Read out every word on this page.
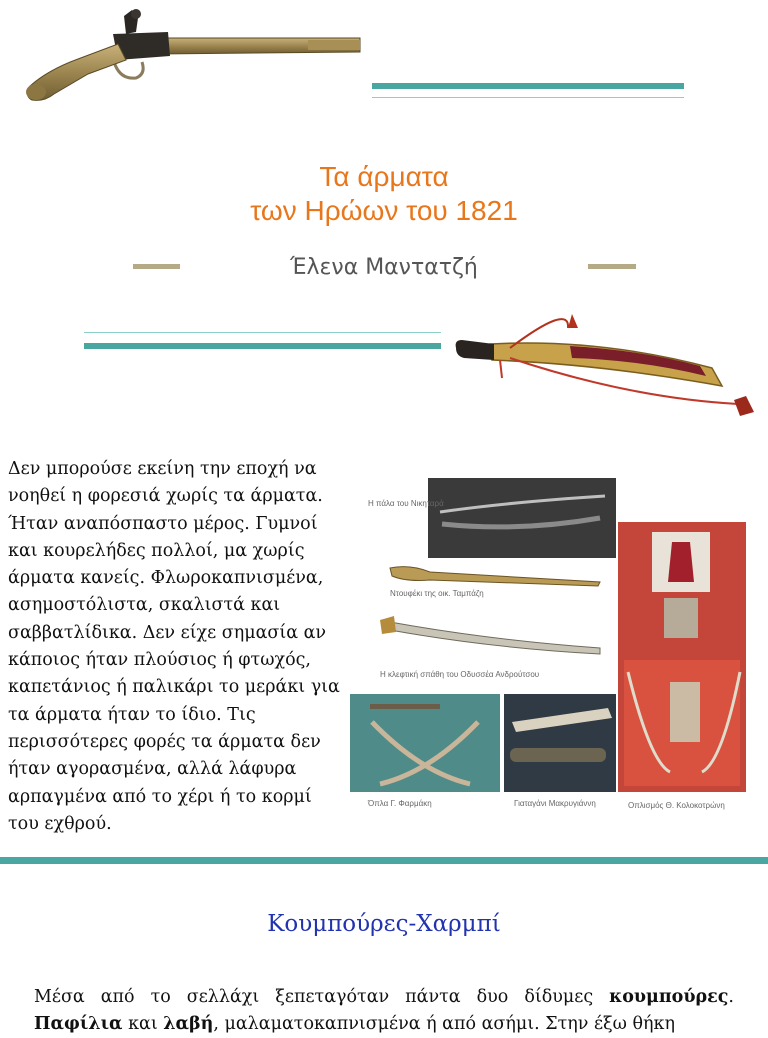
Τα άρματα
των Ηρώων του 1821
Έλενα Μαντατζή
Δεν μπορούσε εκείνη την εποχή να νοηθεί η φορεσιά χωρίς τα άρματα. Ήταν αναπόσπαστο μέρος. Γυμνοί και κουρελήδες πολλοί, μα χωρίς άρματα κανείς. Φλωροκαπνισμένα, ασημοστόλιστα, σκαλιστά και σαββατλίδικα. Δεν είχε σημασία αν κάποιος ήταν πλούσιος ή φτωχός, καπετάνιος ή παλικάρι το μεράκι για τα άρματα ήταν το ίδιο. Τις περισσότερες φορές τα άρματα δεν ήταν αγορασμένα, αλλά λάφυρα αρπαγμένα από το χέρι ή το κορμί του εχθρού.
Η πάλα του Νικηταρά
Ντουφέκι της οικ. Ταμπάζη
Η κλεφτική σπάθη του Οδυσσέα Ανδρούτσου
Οπλισμός Θ. Κολοκοτρώνη
Όπλα Γ. Φαρμάκη	Γιαταγάνι Μακρυγιάννη
Κουμπούρες-Χαρμπί
Μέσα από το σελλάχι ξεπεταγόταν πάντα δυο δίδυμες κουμπούρες. Παφίλια και λαβή, μαλαματοκαπνισμένα ή από ασήμι. Στην έξω θήκη
